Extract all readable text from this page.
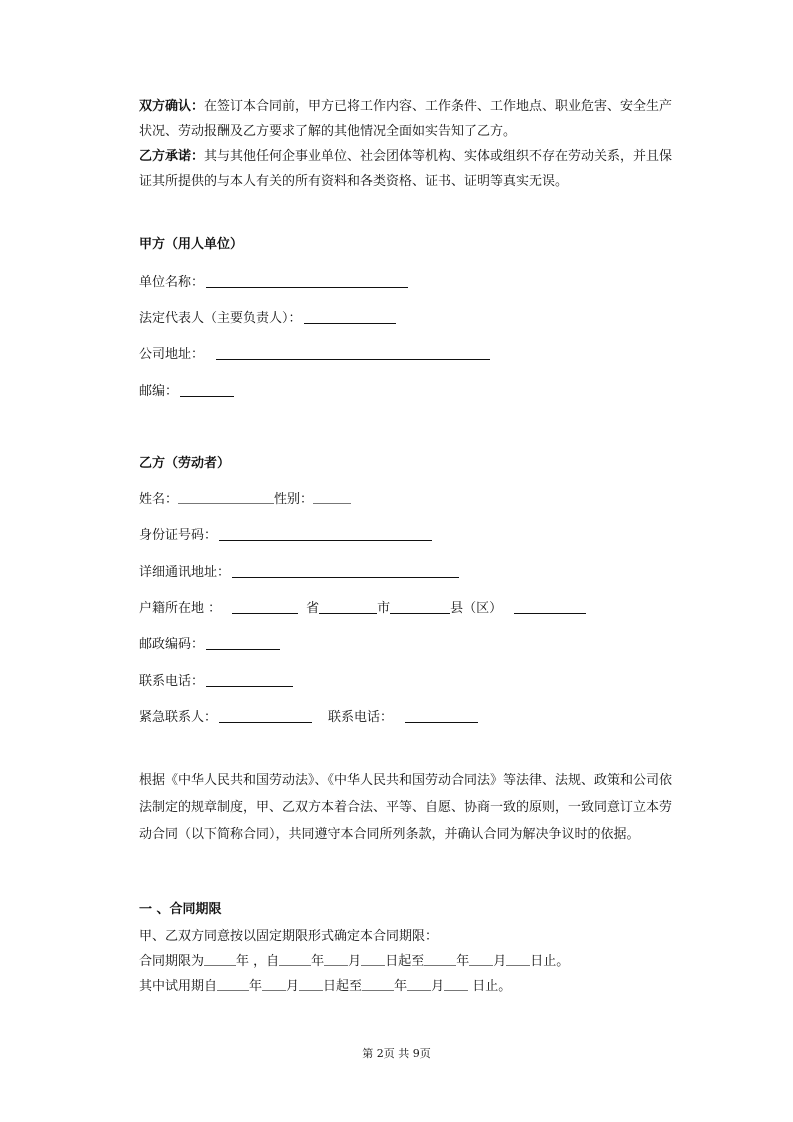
双方确认：在签订本合同前，甲方已将工作内容、工作条件、工作地点、职业危害、安全生产状况、劳动报酬及乙方要求了解的其他情况全面如实告知了乙方。

乙方承诺：其与其他任何企事业单位、社会团体等机构、实体或组织不存在劳动关系，并且保证其所提供的与本人有关的所有资料和各类资格、证书、证明等真实无误。

甲方（用人单位）
单位名称：
法定代表人（主要负责人）：
公司地址：
邮编：
乙方（劳动者）
姓名：	性别：
身份证号码：
详细通讯地址：
户籍所在地 ：	省	市	县（区）
邮政编码：
联系电话：
紧急联系人：	联系电话：

根据《中华人民共和国劳动法》、《中华人民共和国劳动合同法》等法律、法规、政策和公司依法制定的规章制度，甲、乙双方本着合法、平等、自愿、协商一致的原则，一致同意订立本劳动合同（以下简称合同），共同遵守本合同所列条款，并确认合同为解决争议时的依据。

一 、合同期限
甲、乙双方同意按以固定期限形式确定本合同期限：
合同期限为 年 ，自 年 月 日起至 年 月 日止。
其中试用期自 年 月 日起至 年 月 日止。
第 2页 共 9页
